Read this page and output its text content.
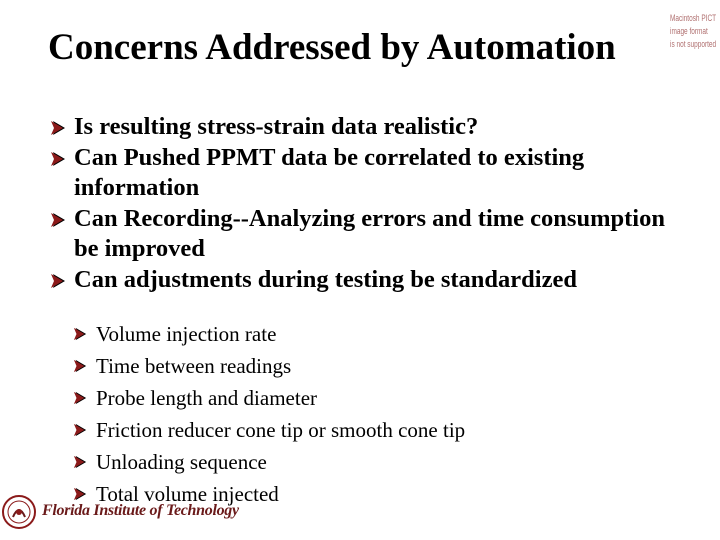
Concerns Addressed by Automation
Macintosh PICT
image format
is not supported
Is resulting stress-strain data realistic?
Can Pushed PPMT data be correlated to existing information
Can Recording--Analyzing errors and time consumption be improved
Can adjustments during testing be standardized
Volume injection rate
Time between readings
Probe length and diameter
Friction reducer cone tip or smooth cone tip
Unloading sequence
Total volume injected
Florida Institute of Technology
